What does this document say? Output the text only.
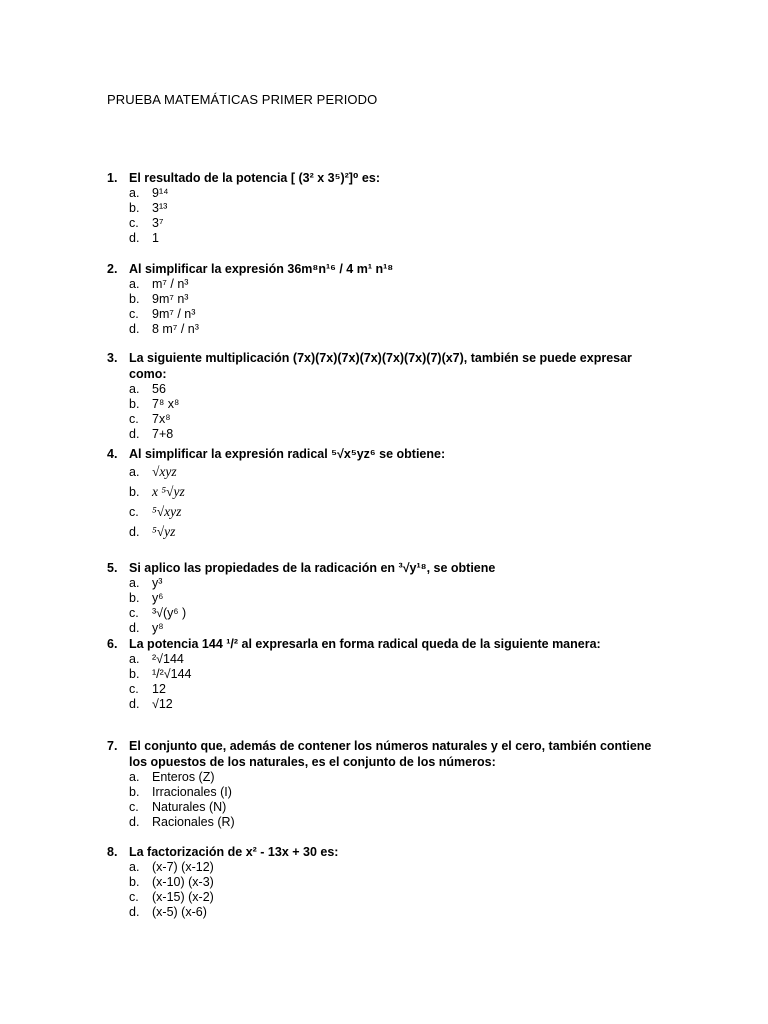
PRUEBA MATEMÁTICAS PRIMER PERIODO
1. El resultado de la potencia [ (3² x 3⁵)²]⁰ es:
a.	9¹⁴
b.	3¹³
c.	3⁷
d.	1
2. Al simplificar la expresión 36m⁸n¹⁶ / 4 m¹ n¹⁸
a.	m⁷ / n³
b.	9m⁷ n³
c.	9m⁷ / n³
d.	8 m⁷ / n³
3. La siguiente multiplicación (7x)(7x)(7x)(7x)(7x)(7x)(7)(x7), también se puede expresar como:
a.	56
b.	7⁸ x⁸
c.	7x⁸
d.	7+8
4. Al simplificar la expresión radical ⁵√x⁵yz⁶ se obtiene:
a. √xyz
b. x ⁵√yz
c. ⁵√xyz
d. ⁵√yz
5. Si aplico las propiedades de la radicación en ³√y¹⁸, se obtiene
a.	y³
b.	y⁶
c.	³√(y⁶ )
d.	y⁸
6. La potencia 144 ¹/² al expresarla en forma radical queda de la siguiente manera:
a.	²√144
b.	¹/²√144
c.	12
d.	√12
7. El conjunto que, además de contener los números naturales y el cero, también contiene los opuestos de los naturales, es el conjunto de los números:
a.	Enteros (Z)
b.	Irracionales (I)
c.	Naturales (N)
d.	Racionales (R)
8. La factorización de x² - 13x + 30 es:
a.	(x-7) (x-12)
b.	(x-10) (x-3)
c.	(x-15) (x-2)
d.	(x-5) (x-6)
